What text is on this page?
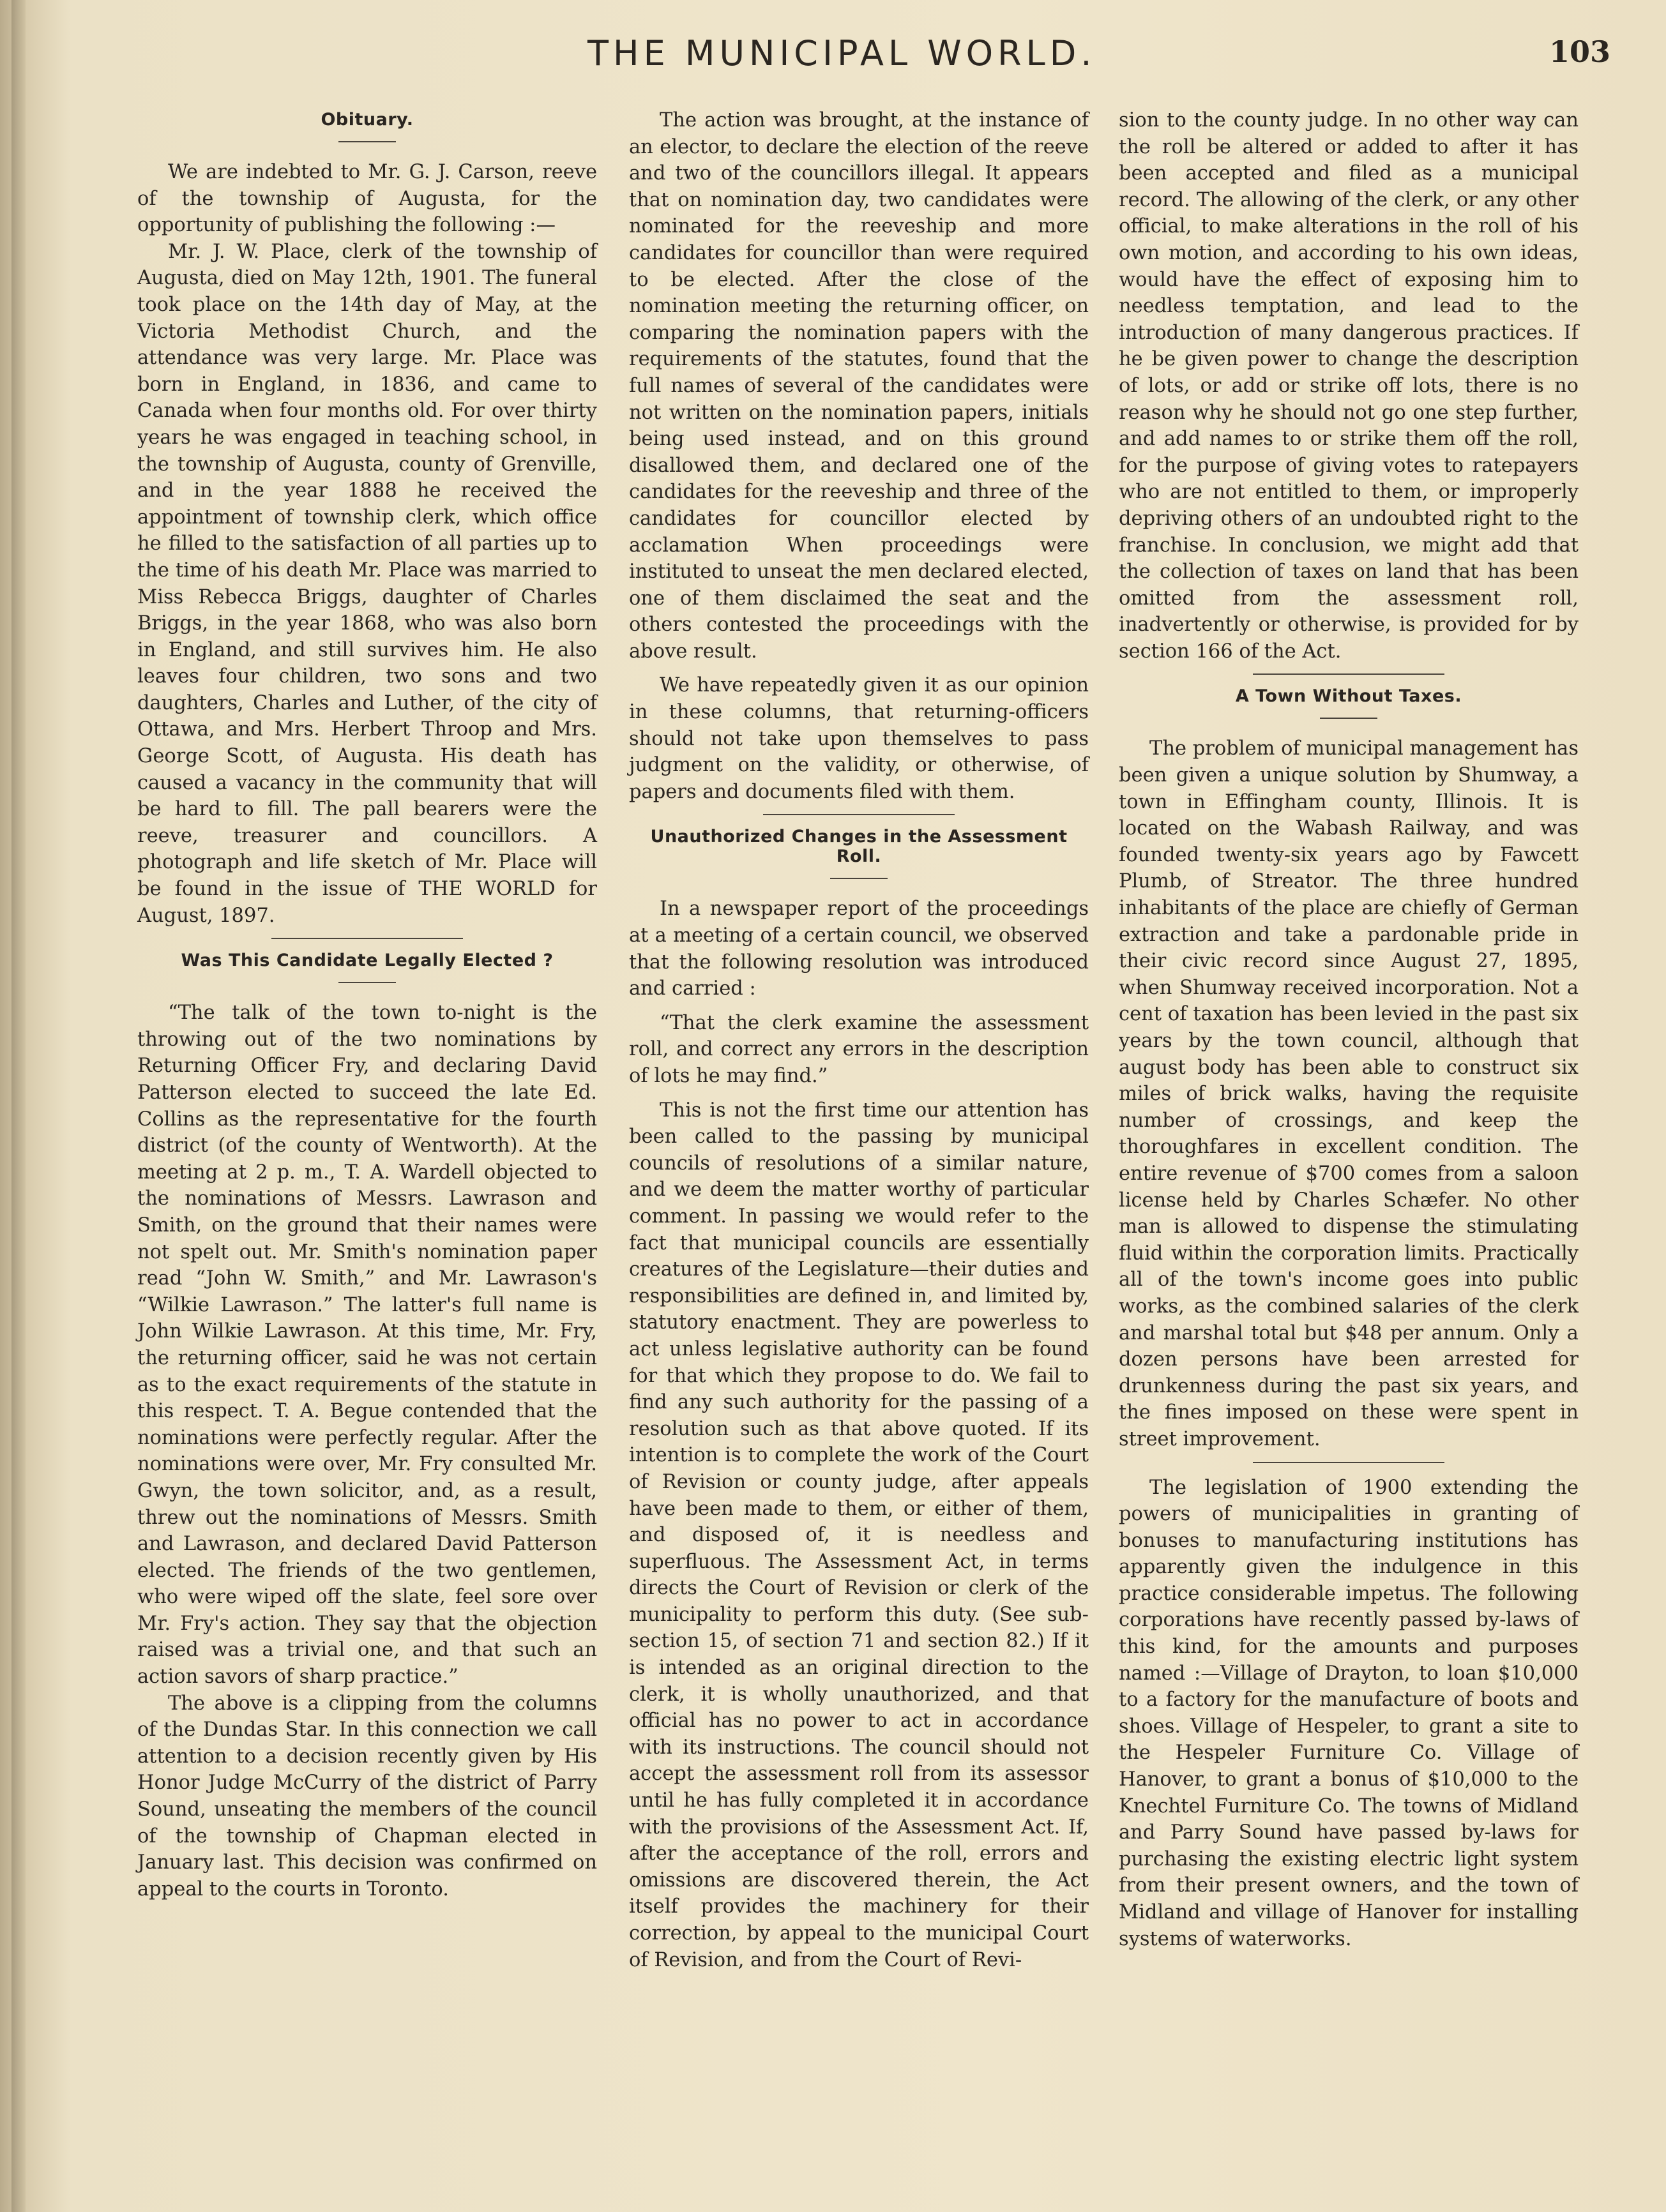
THE MUNICIPAL WORLD.	103
Obituary.

We are indebted to Mr. G. J. Carson, reeve of the township of Augusta, for the opportunity of publishing the following :—

Mr. J. W. Place, clerk of the township of Augusta, died on May 12th, 1901. The funeral took place on the 14th day of May, at the Victoria Methodist Church, and the attendance was very large. Mr. Place was born in England, in 1836, and came to Canada when four months old. For over thirty years he was engaged in teaching school, in the township of Augusta, county of Grenville, and in the year 1888 he received the appointment of township clerk, which office he filled to the satisfaction of all parties up to the time of his death Mr. Place was married to Miss Rebecca Briggs, daughter of Charles Briggs, in the year 1868, who was also born in England, and still survives him. He also leaves four children, two sons and two daughters, Charles and Luther, of the city of Ottawa, and Mrs. Herbert Throop and Mrs. George Scott, of Augusta. His death has caused a vacancy in the community that will be hard to fill. The pall bearers were the reeve, treasurer and councillors. A photograph and life sketch of Mr. Place will be found in the issue of THE WORLD for August, 1897.

Was This Candidate Legally Elected ?

“The talk of the town to-night is the throwing out of the two nominations by Returning Officer Fry, and declaring David Patterson elected to succeed the late Ed. Collins as the representative for the fourth district (of the county of Wentworth). At the meeting at 2 p. m., T. A. Wardell objected to the nominations of Messrs. Lawrason and Smith, on the ground that their names were not spelt out. Mr. Smith's nomination paper read “John W. Smith,” and Mr. Lawrason's “Wilkie Lawrason.” The latter's full name is John Wilkie Lawrason. At this time, Mr. Fry, the returning officer, said he was not certain as to the exact requirements of the statute in this respect. T. A. Begue contended that the nominations were perfectly regular. After the nominations were over, Mr. Fry consulted Mr. Gwyn, the town solicitor, and, as a result, threw out the nominations of Messrs. Smith and Lawrason, and declared David Patterson elected. The friends of the two gentlemen, who were wiped off the slate, feel sore over Mr. Fry's action. They say that the objection raised was a trivial one, and that such an action savors of sharp practice.”

The above is a clipping from the columns of the Dundas Star. In this connection we call attention to a decision recently given by His Honor Judge McCurry of the district of Parry Sound, unseating the members of the council of the township of Chapman elected in January last. This decision was confirmed on appeal to the courts in Toronto.

The action was brought, at the instance of an elector, to declare the election of the reeve and two of the councillors illegal. It appears that on nomination day, two candidates were nominated for the reeveship and more candidates for councillor than were required to be elected. After the close of the nomination meeting the returning officer, on comparing the nomination papers with the requirements of the statutes, found that the full names of several of the candidates were not written on the nomination papers, initials being used instead, and on this ground disallowed them, and declared one of the candidates for the reeveship and three of the candidates for councillor elected by acclamation When proceedings were instituted to unseat the men declared elected, one of them disclaimed the seat and the others contested the proceedings with the above result.

We have repeatedly given it as our opinion in these columns, that returning-officers should not take upon themselves to pass judgment on the validity, or otherwise, of papers and documents filed with them.

Unauthorized Changes in the Assessment Roll.

In a newspaper report of the proceedings at a meeting of a certain council, we observed that the following resolution was introduced and carried :

“That the clerk examine the assessment roll, and correct any errors in the description of lots he may find.”

This is not the first time our attention has been called to the passing by municipal councils of resolutions of a similar nature, and we deem the matter worthy of particular comment. In passing we would refer to the fact that municipal councils are essentially creatures of the Legislature—their duties and responsibilities are defined in, and limited by, statutory enactment. They are powerless to act unless legislative authority can be found for that which they propose to do. We fail to find any such authority for the passing of a resolution such as that above quoted. If its intention is to complete the work of the Court of Revision or county judge, after appeals have been made to them, or either of them, and disposed of, it is needless and superfluous. The Assessment Act, in terms directs the Court of Revision or clerk of the municipality to perform this duty. (See sub-section 15, of section 71 and section 82.) If it is intended as an original direction to the clerk, it is wholly unauthorized, and that official has no power to act in accordance with its instructions. The council should not accept the assessment roll from its assessor until he has fully completed it in accordance with the provisions of the Assessment Act. If, after the acceptance of the roll, errors and omissions are discovered therein, the Act itself provides the machinery for their correction, by appeal to the municipal Court of Revision, and from the Court of Revi-

sion to the county judge. In no other way can the roll be altered or added to after it has been accepted and filed as a municipal record. The allowing of the clerk, or any other official, to make alterations in the roll of his own motion, and according to his own ideas, would have the effect of exposing him to needless temptation, and lead to the introduction of many dangerous practices. If he be given power to change the description of lots, or add or strike off lots, there is no reason why he should not go one step further, and add names to or strike them off the roll, for the purpose of giving votes to ratepayers who are not entitled to them, or improperly depriving others of an undoubted right to the franchise. In conclusion, we might add that the collection of taxes on land that has been omitted from the assessment roll, inadvertently or otherwise, is provided for by section 166 of the Act.

A Town Without Taxes.

The problem of municipal management has been given a unique solution by Shumway, a town in Effingham county, Illinois. It is located on the Wabash Railway, and was founded twenty-six years ago by Fawcett Plumb, of Streator. The three hundred inhabitants of the place are chiefly of German extraction and take a pardonable pride in their civic record since August 27, 1895, when Shumway received incorporation. Not a cent of taxation has been levied in the past six years by the town council, although that august body has been able to construct six miles of brick walks, having the requisite number of crossings, and keep the thoroughfares in excellent condition. The entire revenue of $700 comes from a saloon license held by Charles Schæfer. No other man is allowed to dispense the stimulating fluid within the corporation limits. Practically all of the town's income goes into public works, as the combined salaries of the clerk and marshal total but $48 per annum. Only a dozen persons have been arrested for drunkenness during the past six years, and the fines imposed on these were spent in street improvement.

The legislation of 1900 extending the powers of municipalities in granting of bonuses to manufacturing institutions has apparently given the indulgence in this practice considerable impetus. The following corporations have recently passed by-laws of this kind, for the amounts and purposes named :—Village of Drayton, to loan $10,000 to a factory for the manufacture of boots and shoes. Village of Hespeler, to grant a site to the Hespeler Furniture Co. Village of Hanover, to grant a bonus of $10,000 to the Knechtel Furniture Co. The towns of Midland and Parry Sound have passed by-laws for purchasing the existing electric light system from their present owners, and the town of Midland and village of Hanover for installing systems of waterworks.
